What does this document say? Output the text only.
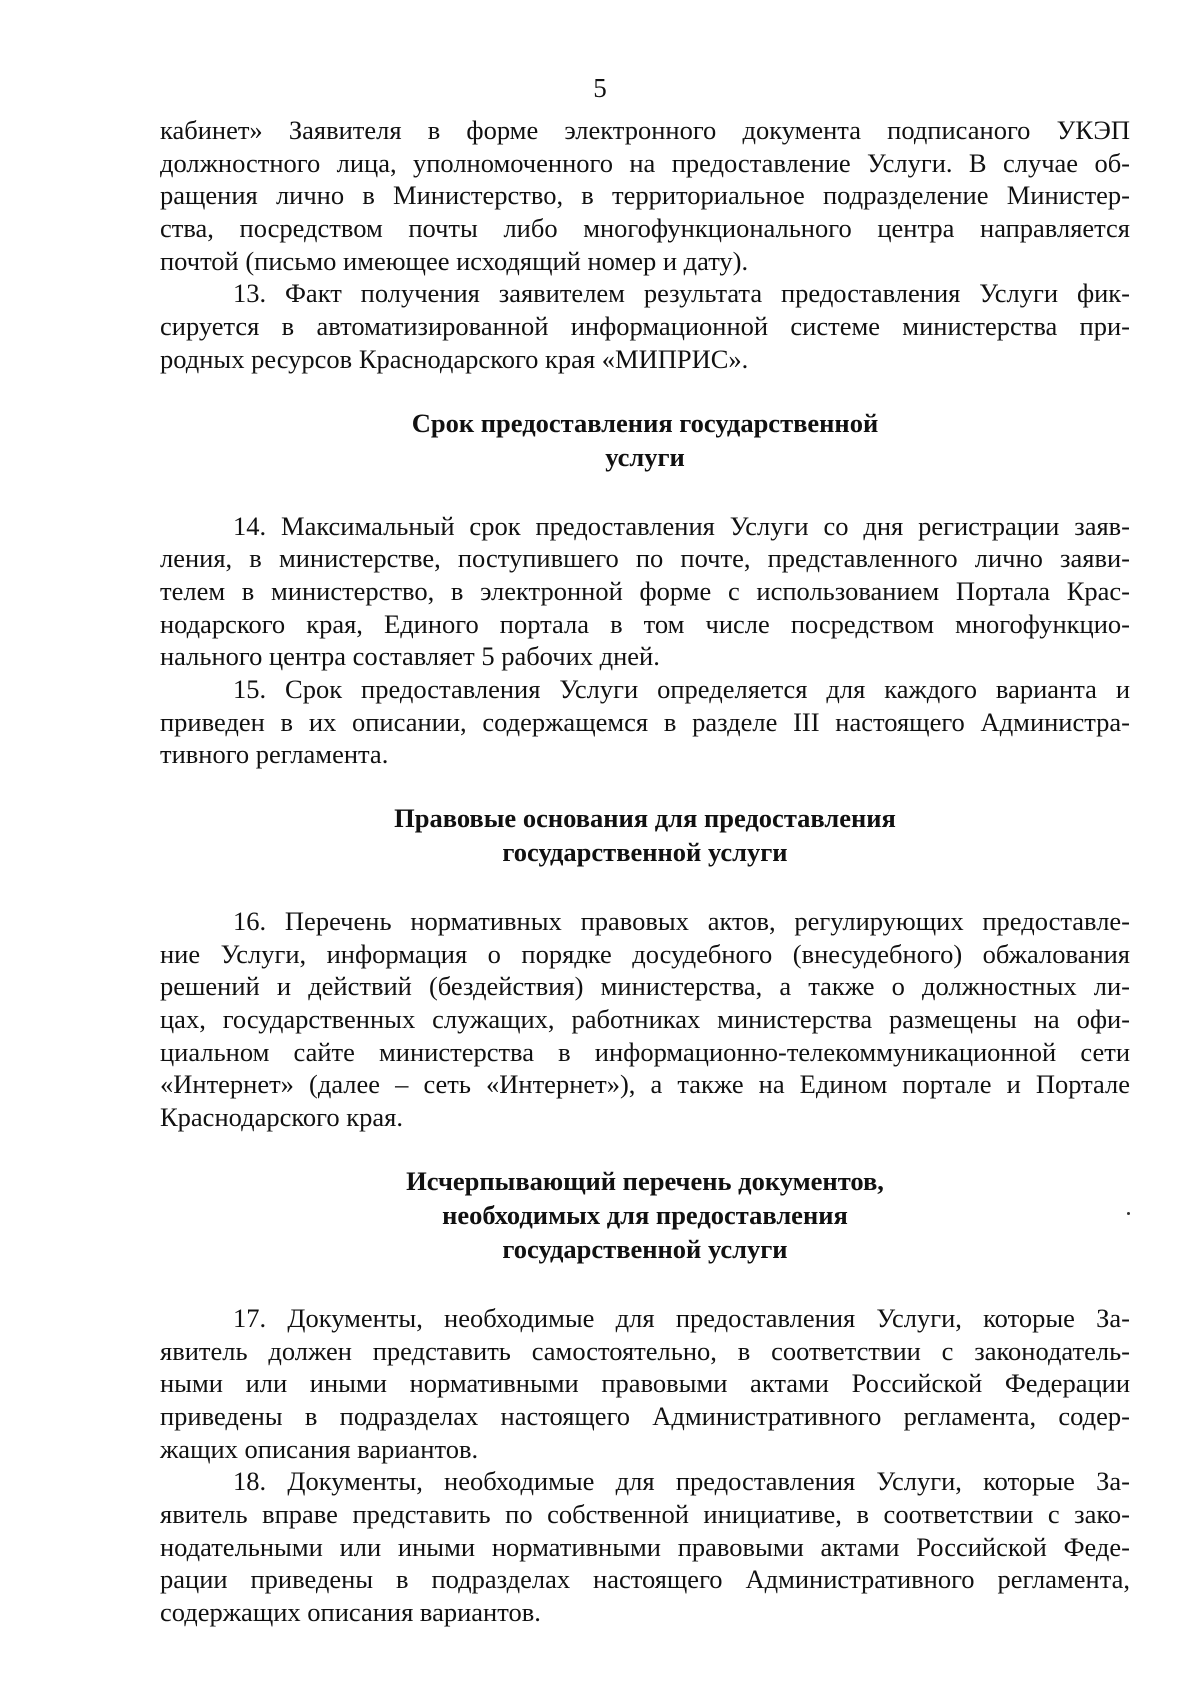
5
кабинет» Заявителя в форме электронного документа подписаного УКЭП
должностного лица, уполномоченного на предоставление Услуги. В случае об-
ращения лично в Министерство, в территориальное подразделение Министер-
ства, посредством почты либо многофункционального центра направляется
почтой (письмо имеющее исходящий номер и дату).
13. Факт получения заявителем результата предоставления Услуги фик-
сируется в автоматизированной информационной системе министерства при-
родных ресурсов Краснодарского края «МИПРИС».
Срок предоставления государственной
услуги
14. Максимальный срок предоставления Услуги со дня регистрации заяв-
ления, в министерстве, поступившего по почте, представленного лично заяви-
телем в министерство, в электронной форме с использованием Портала Крас-
нодарского края, Единого портала в том числе посредством многофункцио-
нального центра составляет 5 рабочих дней.
15. Срок предоставления Услуги определяется для каждого варианта и
приведен в их описании, содержащемся в разделе III настоящего Администра-
тивного регламента.
Правовые основания для предоставления
государственной услуги
16. Перечень нормативных правовых актов, регулирующих предоставле-
ние Услуги, информация о порядке досудебного (внесудебного) обжалования
решений и действий (бездействия) министерства, а также о должностных ли-
цах, государственных служащих, работниках министерства размещены на офи-
циальном сайте министерства в информационно-телекоммуникационной сети
«Интернет» (далее – сеть «Интернет»), а также на Едином портале и Портале
Краснодарского края.
Исчерпывающий перечень документов,
необходимых для предоставления
государственной услуги
17. Документы, необходимые для предоставления Услуги, которые За-
явитель должен представить самостоятельно, в соответствии с законодатель-
ными или иными нормативными правовыми актами Российской Федерации
приведены в подразделах настоящего Административного регламента, содер-
жащих описания вариантов.
18. Документы, необходимые для предоставления Услуги, которые За-
явитель вправе представить по собственной инициативе, в соответствии с зако-
нодательными или иными нормативными правовыми актами Российской Феде-
рации приведены в подразделах настоящего Административного регламента,
содержащих описания вариантов.
